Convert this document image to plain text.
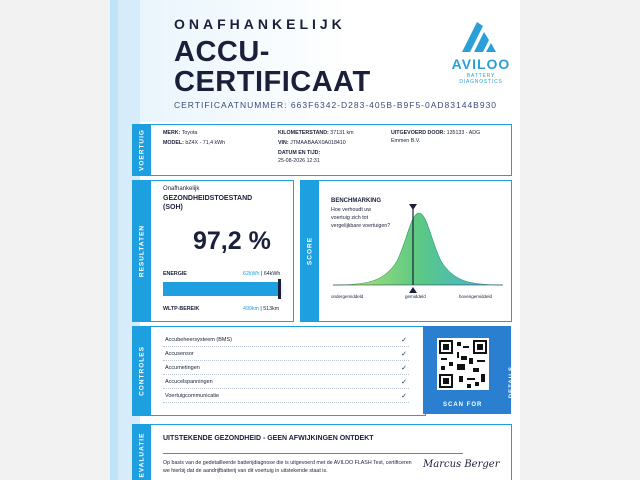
ONAFHANKELIJK
ACCU-
CERTIFICAAT
CERTIFICAATNUMMER: 663F6342-D283-405B-B9F5-0AD83144B930
AVILOO
BATTERY DIAGNOSTICS
VOERTUIG	MERK: Toyota
MODEL: bZ4X - 71,4 kWh
KILOMETERSTAND: 37131 km
VIN: JTMAABAAX0A018410
DATUM EN TIJD:
25-08-2026 12:31
UITGEVOERD DOOR: 135133 - ADG
Emmen B.V.
RESULTATEN
Onafhankelijk
GEZONDHEIDSTOESTAND
(SOH)
97,2 %
ENERGIE	62kWh | 64kWh
WLTP-BEREIK	499km | 513km
SCORE
BENCHMARKING
Hoe verhoudt uw
voertuig zich tot
vergelijkbare voertuigen?
ondergemiddeld	gemiddeld	bovengemiddeld
CONTROLES
Accubeheersysteem (BMS)	✓
Accusensor	✓
Accumetingen	✓
Accucelspanningen	✓
Voertuigcommunicatie	✓
SCAN FOR
DETAILS
EVALUATIE	UITSTEKENDE GEZONDHEID - GEEN AFWIJKINGEN ONTDEKT
Op basis van de gedetailleerde batterijdiagnose die is uitgevoerd met de AVILOO FLASH Test, certificeren we hierbij dat de aandrijfbatterij van dit voertuig in uitstekende staat is.
Marcus Berger
